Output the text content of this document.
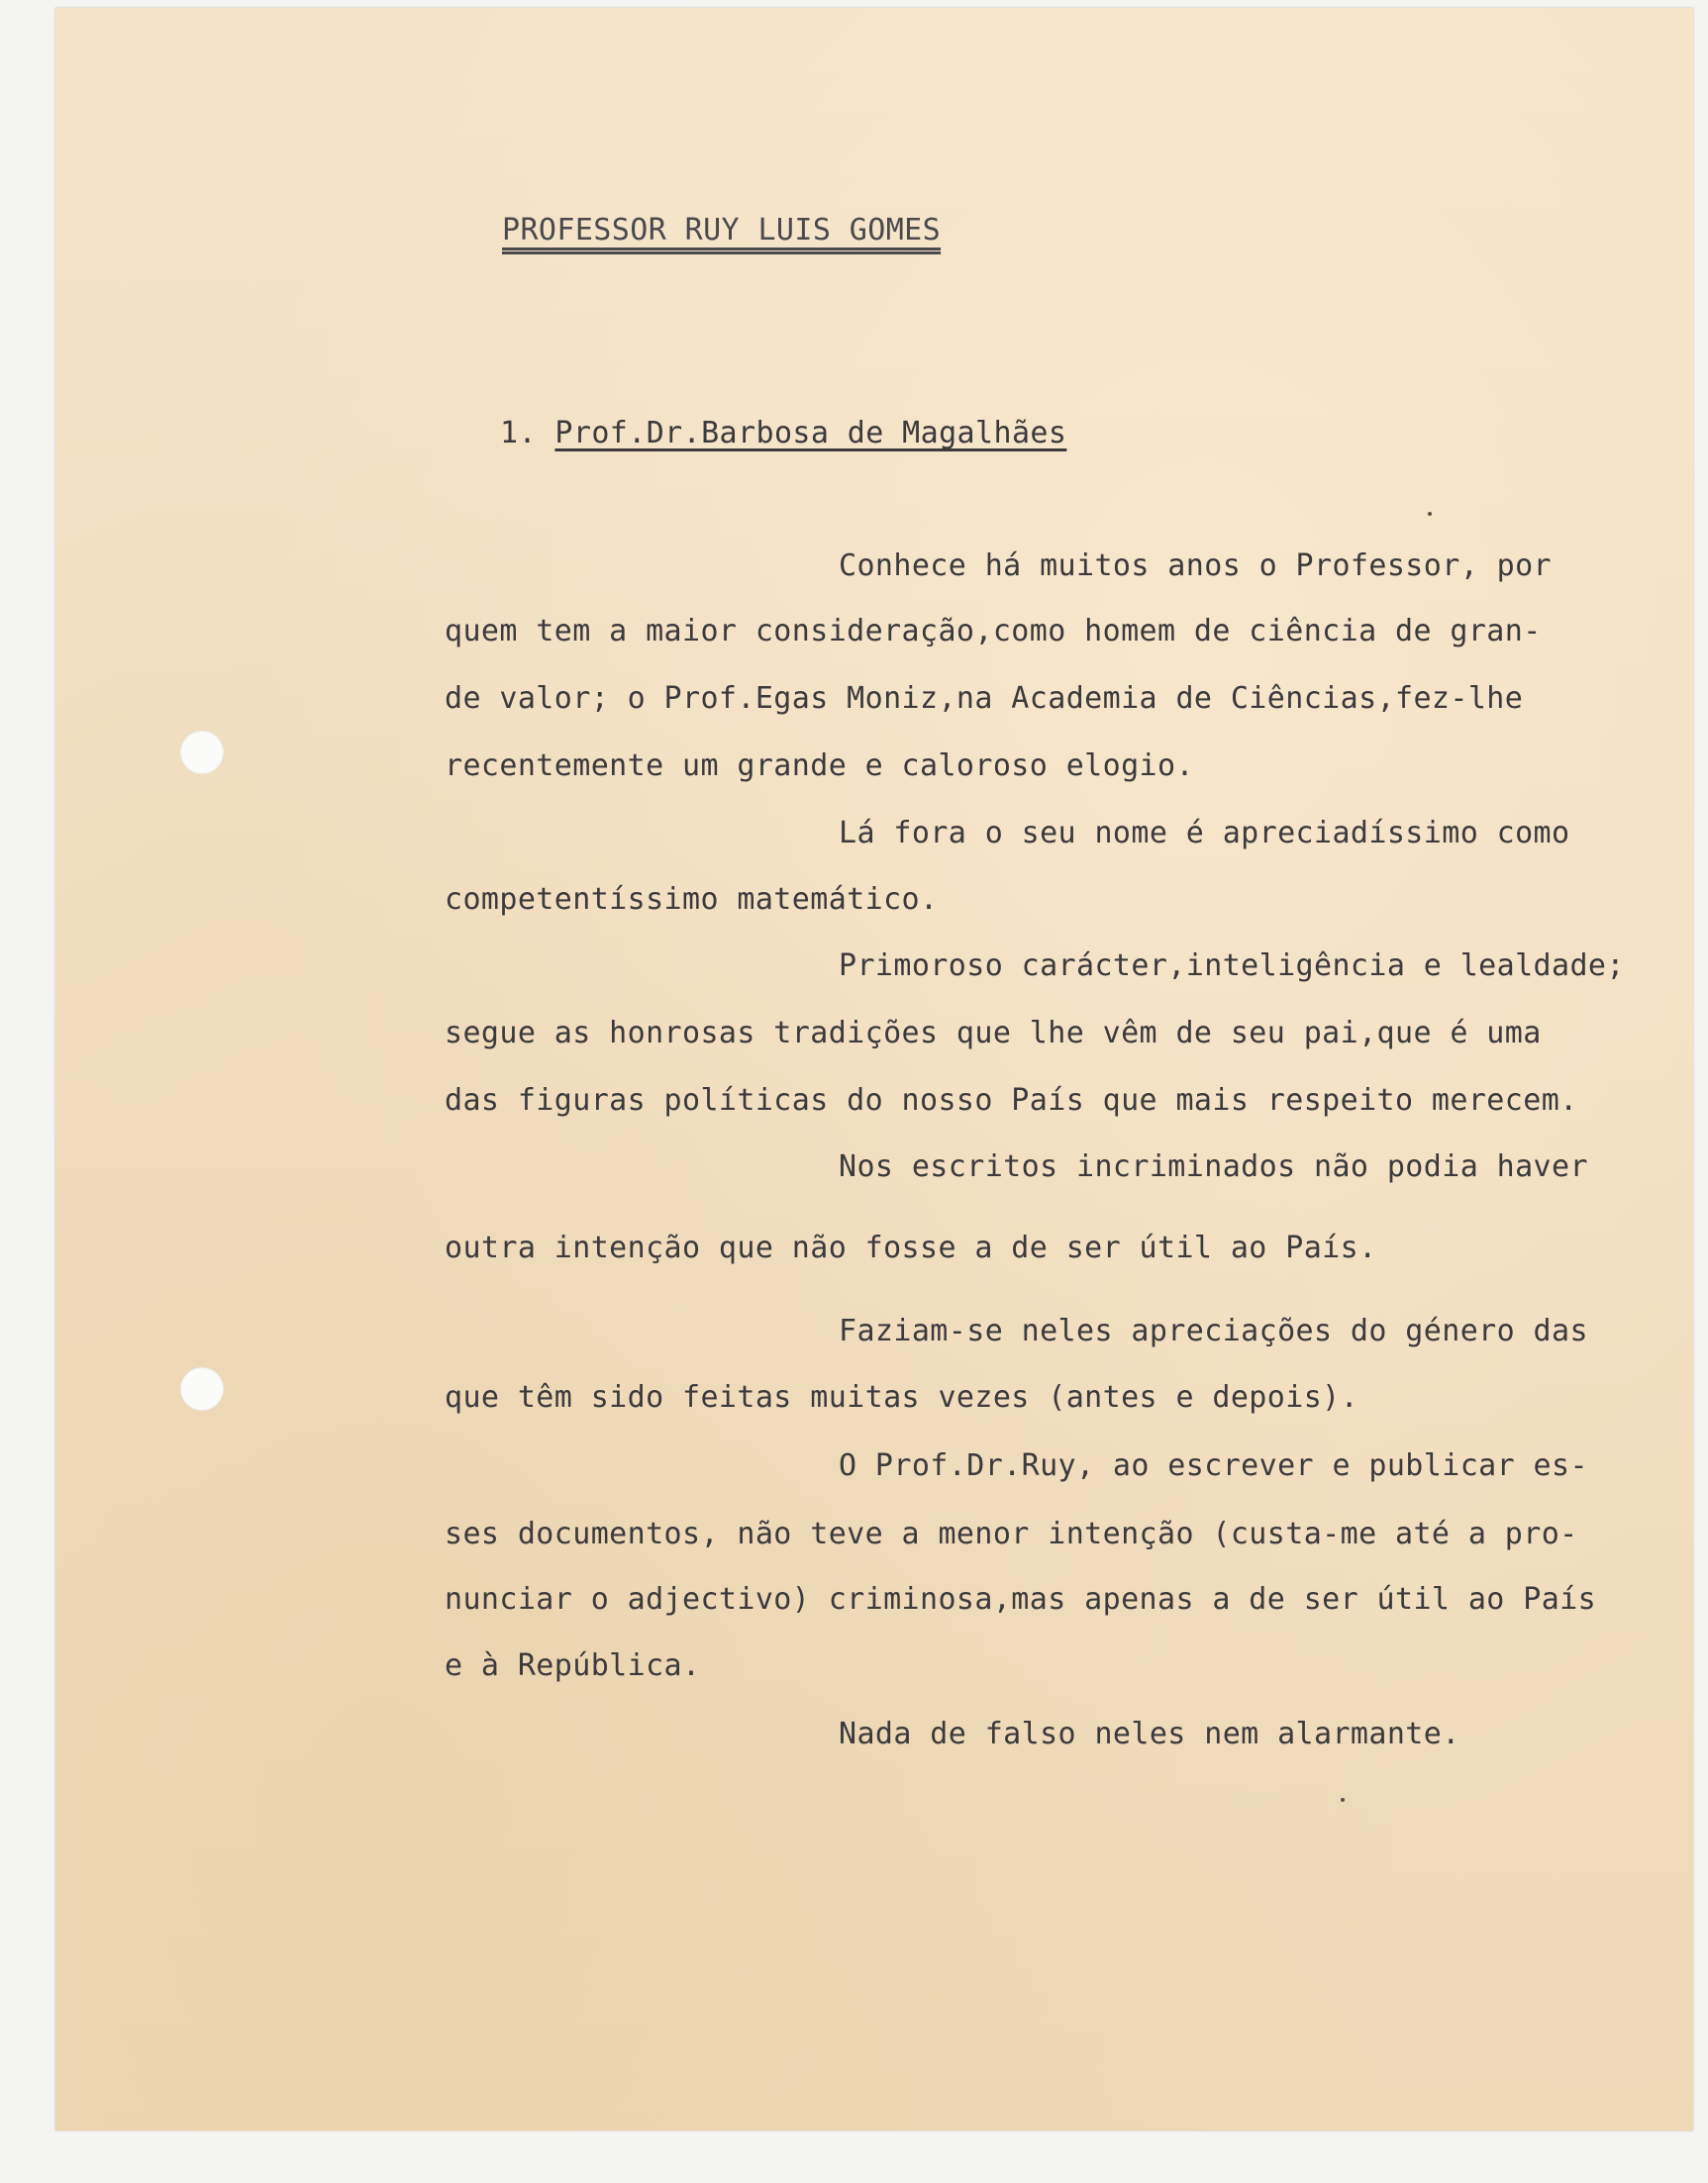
PROFESSOR RUY LUIS GOMES
1. Prof.Dr.Barbosa de Magalhães
Conhece há muitos anos o Professor, por
quem tem a maior consideração,como homem de ciência de gran-
de valor; o Prof.Egas Moniz,na Academia de Ciências,fez-lhe
recentemente um grande e caloroso elogio.
Lá fora o seu nome é apreciadíssimo como
competentíssimo matemático.
Primoroso carácter,inteligência e lealdade;
segue as honrosas tradições que lhe vêm de seu pai,que é uma
das figuras políticas do nosso País que mais respeito merecem.
Nos escritos incriminados não podia haver
outra intenção que não fosse a de ser útil ao País.
Faziam-se neles apreciações do género das
que têm sido feitas muitas vezes (antes e depois).
O Prof.Dr.Ruy, ao escrever e publicar es-
ses documentos, não teve a menor intenção (custa-me até a pro-
nunciar o adjectivo) criminosa,mas apenas a de ser útil ao País
e à República.
Nada de falso neles nem alarmante.
